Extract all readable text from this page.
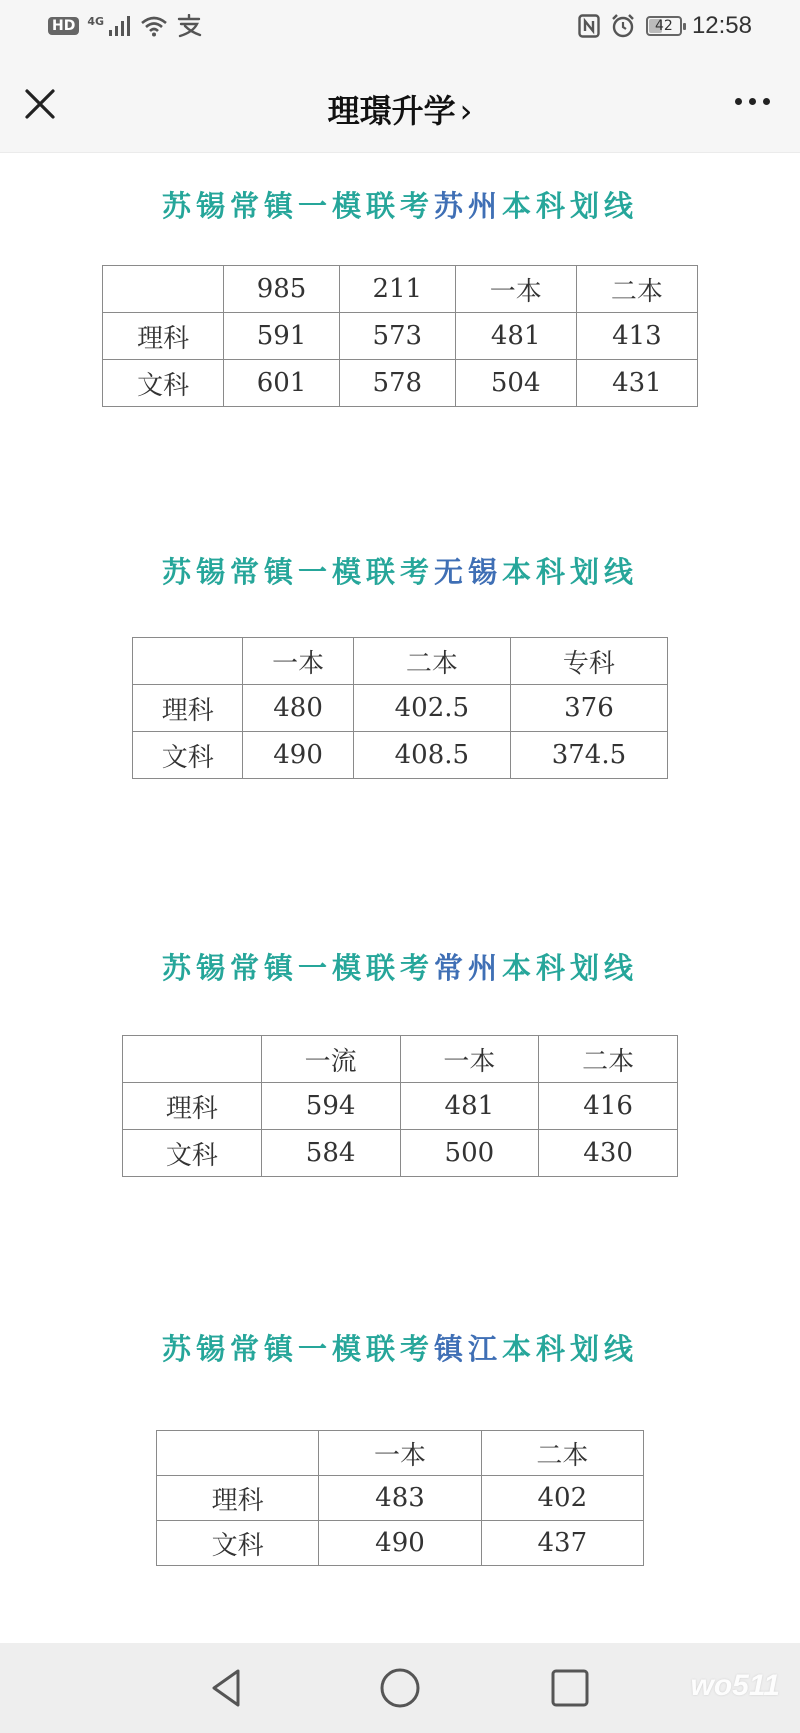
HD	4G	42 12:58
理璟升学 ›
苏锡常镇一模联考苏州本科划线
	985	211	一本	二本
理科	591	573	481	413
文科	601	578	504	431
苏锡常镇一模联考无锡本科划线
	一本	二本	专科
理科	480	402.5	376
文科	490	408.5	374.5
苏锡常镇一模联考常州本科划线
	一流	一本	二本
理科	594	481	416
文科	584	500	430
苏锡常镇一模联考镇江本科划线
	一本	二本
理科	483	402
文科	490	437
wo511
